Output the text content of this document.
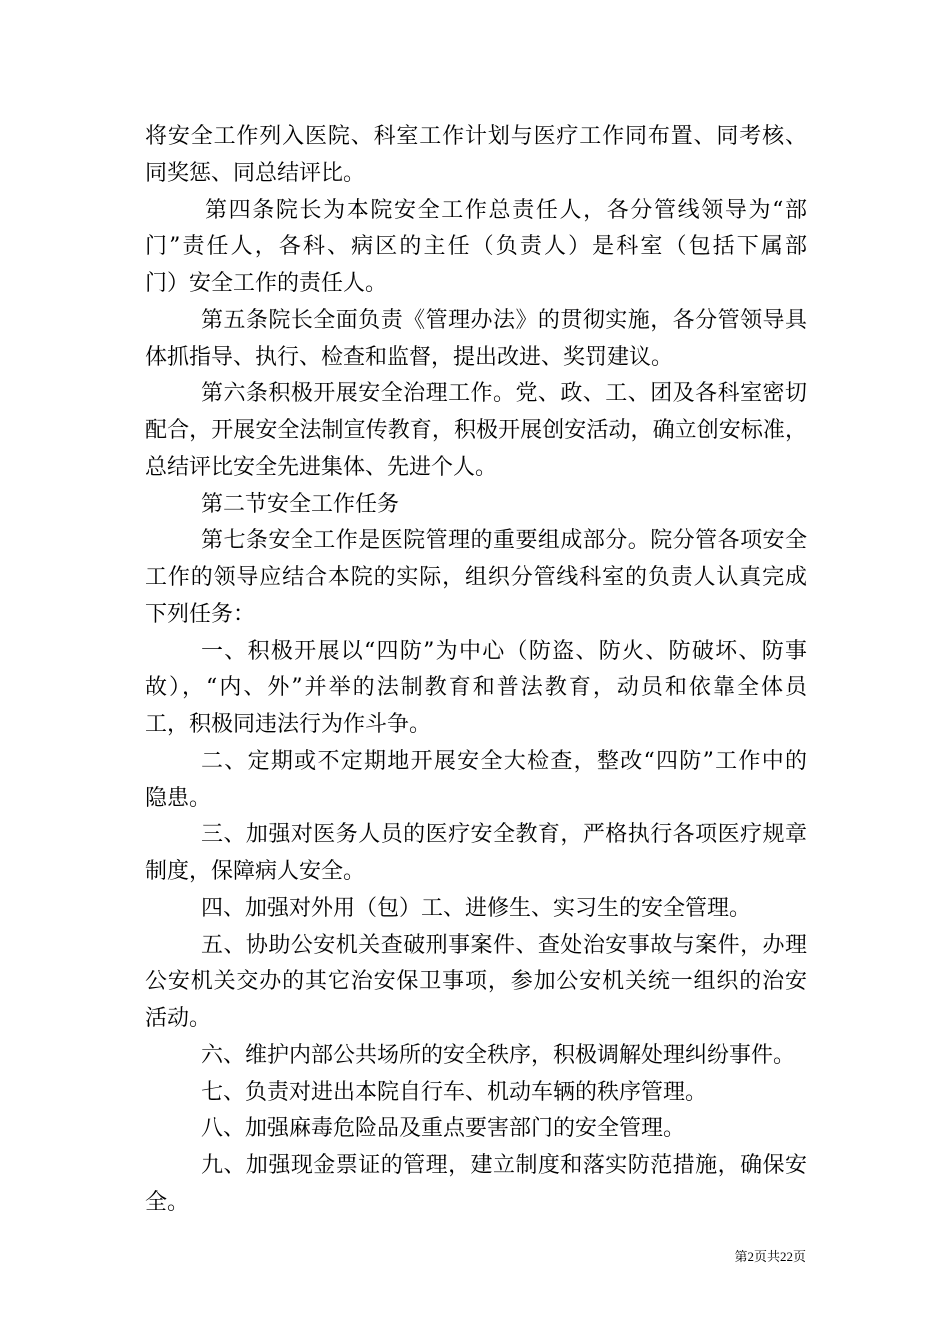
将安全工作列入医院、科室工作计划与医疗工作同布置、同考核、
同奖惩、同总结评比。
第四条院长为本院安全工作总责任人，各分管线领导为“部
门”责任人，各科、病区的主任（负责人）是科室（包括下属部
门）安全工作的责任人。
第五条院长全面负责《管理办法》的贯彻实施，各分管领导具
体抓指导、执行、检查和监督，提出改进、奖罚建议。
第六条积极开展安全治理工作。党、政、工、团及各科室密切
配合，开展安全法制宣传教育，积极开展创安活动，确立创安标准，
总结评比安全先进集体、先进个人。
第二节安全工作任务
第七条安全工作是医院管理的重要组成部分。院分管各项安全
工作的领导应结合本院的实际，组织分管线科室的负责人认真完成
下列任务：
一、积极开展以“四防”为中心（防盗、防火、防破坏、防事
故），“内、外”并举的法制教育和普法教育，动员和依靠全体员
工，积极同违法行为作斗争。
二、定期或不定期地开展安全大检查，整改“四防”工作中的
隐患。
三、加强对医务人员的医疗安全教育，严格执行各项医疗规章
制度，保障病人安全。
四、加强对外用（包）工、进修生、实习生的安全管理。
五、协助公安机关查破刑事案件、查处治安事故与案件，办理
公安机关交办的其它治安保卫事项，参加公安机关统一组织的治安
活动。
六、维护内部公共场所的安全秩序，积极调解处理纠纷事件。
七、负责对进出本院自行车、机动车辆的秩序管理。
八、加强麻毒危险品及重点要害部门的安全管理。
九、加强现金票证的管理，建立制度和落实防范措施，确保安
全。
第2页共22页
